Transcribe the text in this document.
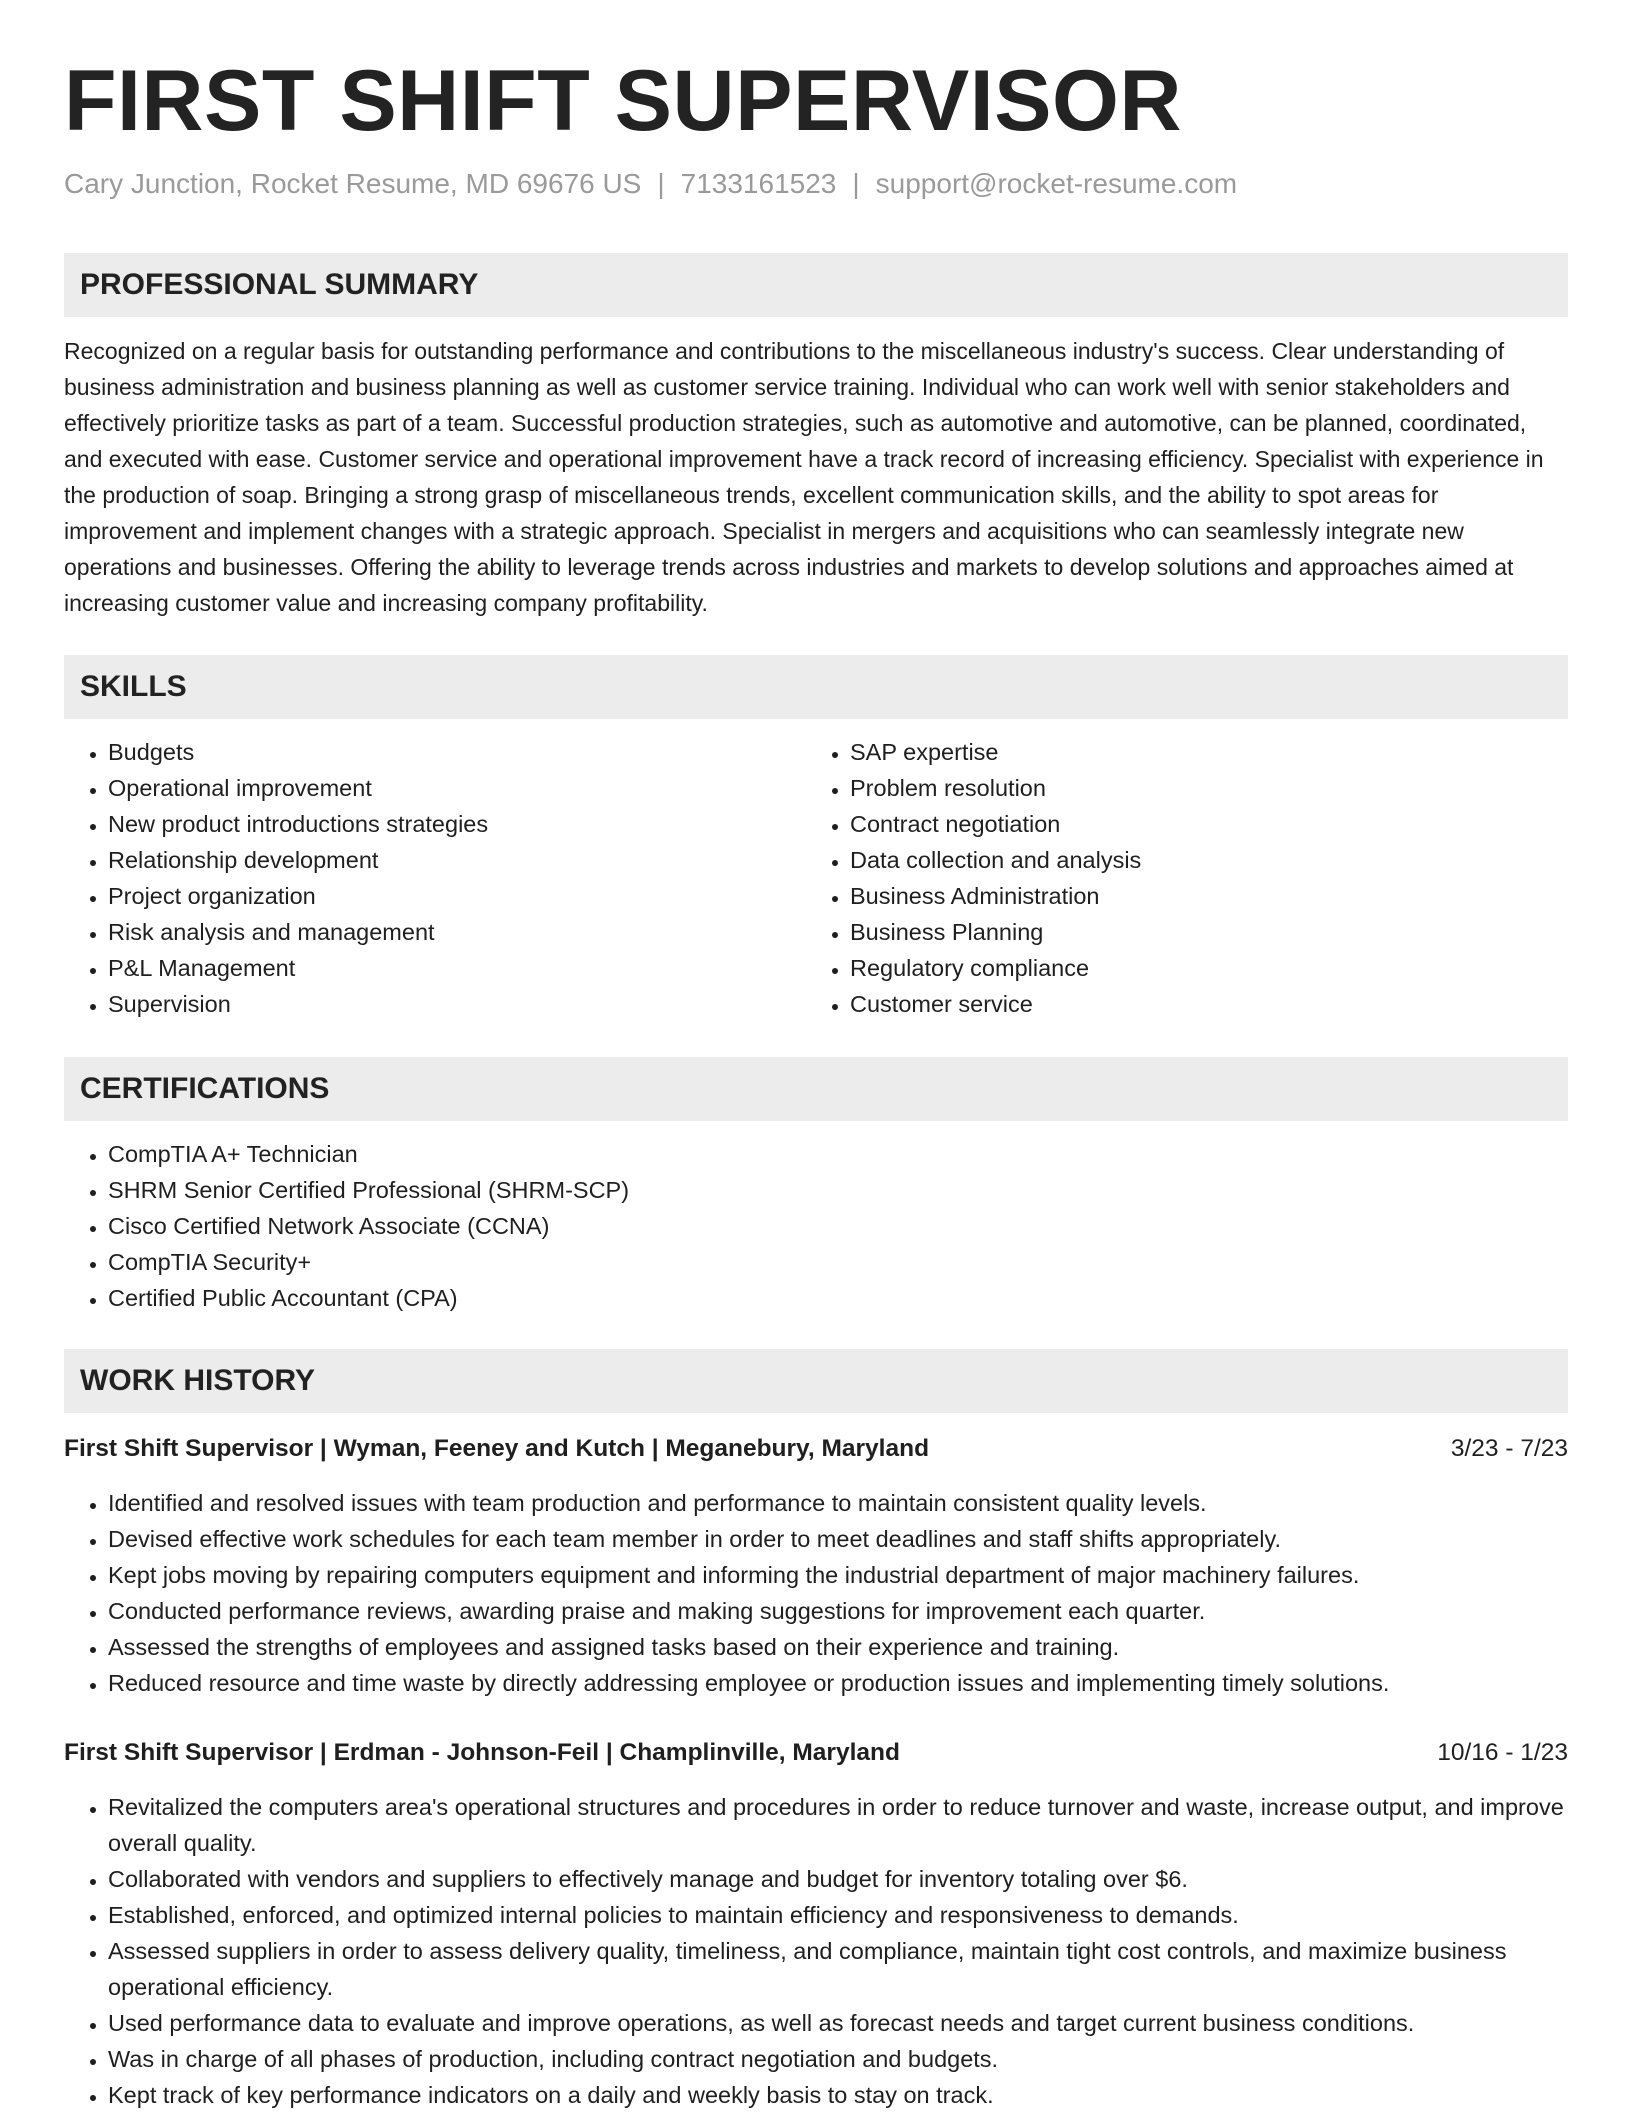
FIRST SHIFT SUPERVISOR
Cary Junction, Rocket Resume, MD 69676 US | 7133161523 | support@rocket-resume.com
PROFESSIONAL SUMMARY
Recognized on a regular basis for outstanding performance and contributions to the miscellaneous industry's success. Clear understanding of business administration and business planning as well as customer service training. Individual who can work well with senior stakeholders and effectively prioritize tasks as part of a team. Successful production strategies, such as automotive and automotive, can be planned, coordinated, and executed with ease. Customer service and operational improvement have a track record of increasing efficiency. Specialist with experience in the production of soap. Bringing a strong grasp of miscellaneous trends, excellent communication skills, and the ability to spot areas for improvement and implement changes with a strategic approach. Specialist in mergers and acquisitions who can seamlessly integrate new operations and businesses. Offering the ability to leverage trends across industries and markets to develop solutions and approaches aimed at increasing customer value and increasing company profitability.
SKILLS
• Budgets
• Operational improvement
• New product introductions strategies
• Relationship development
• Project organization
• Risk analysis and management
• P&L Management
• Supervision
• SAP expertise
• Problem resolution
• Contract negotiation
• Data collection and analysis
• Business Administration
• Business Planning
• Regulatory compliance
• Customer service
CERTIFICATIONS
• CompTIA A+ Technician
• SHRM Senior Certified Professional (SHRM-SCP)
• Cisco Certified Network Associate (CCNA)
• CompTIA Security+
• Certified Public Accountant (CPA)
WORK HISTORY
First Shift Supervisor | Wyman, Feeney and Kutch | Meganebury, Maryland	3/23 - 7/23
• Identified and resolved issues with team production and performance to maintain consistent quality levels.
• Devised effective work schedules for each team member in order to meet deadlines and staff shifts appropriately.
• Kept jobs moving by repairing computers equipment and informing the industrial department of major machinery failures.
• Conducted performance reviews, awarding praise and making suggestions for improvement each quarter.
• Assessed the strengths of employees and assigned tasks based on their experience and training.
• Reduced resource and time waste by directly addressing employee or production issues and implementing timely solutions.
First Shift Supervisor | Erdman - Johnson-Feil | Champlinville, Maryland	10/16 - 1/23
• Revitalized the computers area's operational structures and procedures in order to reduce turnover and waste, increase output, and improve overall quality.
• Collaborated with vendors and suppliers to effectively manage and budget for inventory totaling over $6.
• Established, enforced, and optimized internal policies to maintain efficiency and responsiveness to demands.
• Assessed suppliers in order to assess delivery quality, timeliness, and compliance, maintain tight cost controls, and maximize business operational efficiency.
• Used performance data to evaluate and improve operations, as well as forecast needs and target current business conditions.
• Was in charge of all phases of production, including contract negotiation and budgets.
• Kept track of key performance indicators on a daily and weekly basis to stay on track.
